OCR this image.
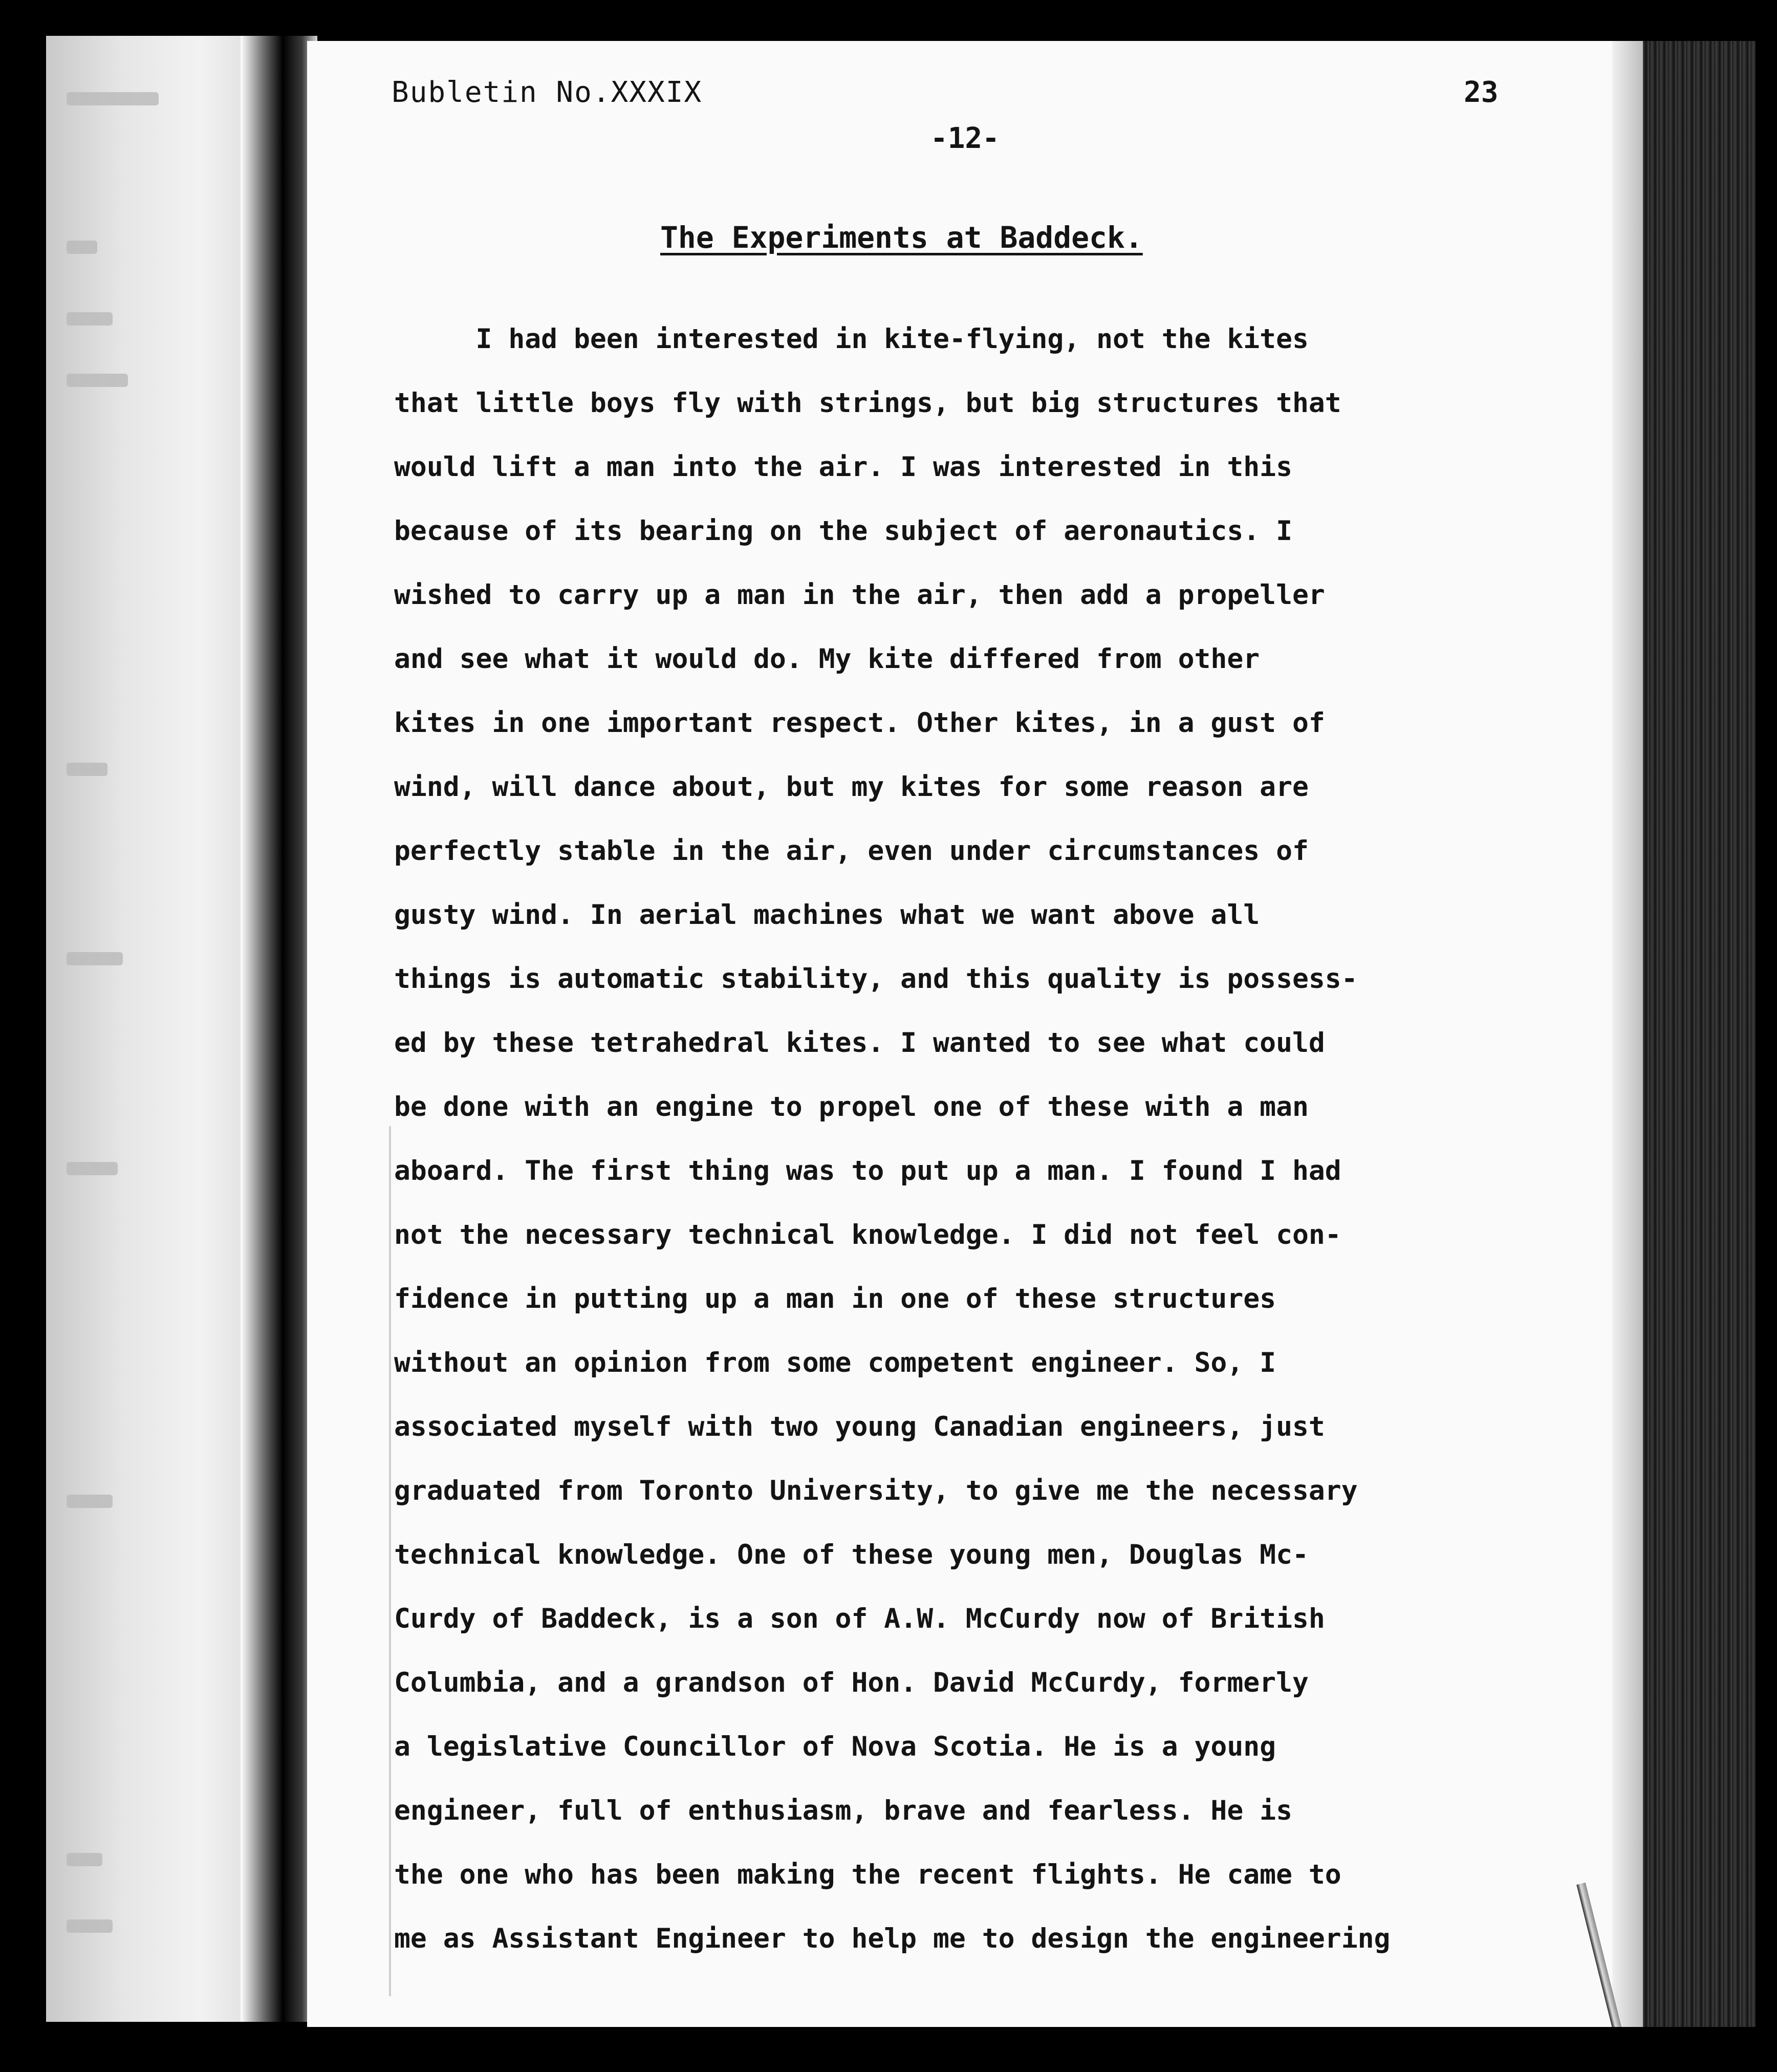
Bubletin No.XXXIX	23
-12-
The Experiments at Baddeck.
I had been interested in kite-flying, not the kites
that little boys fly with strings, but big structures that
would lift a man into the air. I was interested in this
because of its bearing on the subject of aeronautics. I
wished to carry up a man in the air, then add a propeller
and see what it would do. My kite differed from other
kites in one important respect. Other kites, in a gust of
wind, will dance about, but my kites for some reason are
perfectly stable in the air, even under circumstances of
gusty wind. In aerial machines what we want above all
things is automatic stability, and this quality is possess-
ed by these tetrahedral kites. I wanted to see what could
be done with an engine to propel one of these with a man
aboard. The first thing was to put up a man. I found I had
not the necessary technical knowledge. I did not feel con-
fidence in putting up a man in one of these structures
without an opinion from some competent engineer. So, I
associated myself with two young Canadian engineers, just
graduated from Toronto University, to give me the necessary
technical knowledge. One of these young men, Douglas Mc-
Curdy of Baddeck, is a son of A.W. McCurdy now of British
Columbia, and a grandson of Hon. David McCurdy, formerly
a legislative Councillor of Nova Scotia. He is a young
engineer, full of enthusiasm, brave and fearless. He is
the one who has been making the recent flights. He came to
me as Assistant Engineer to help me to design the engineering
